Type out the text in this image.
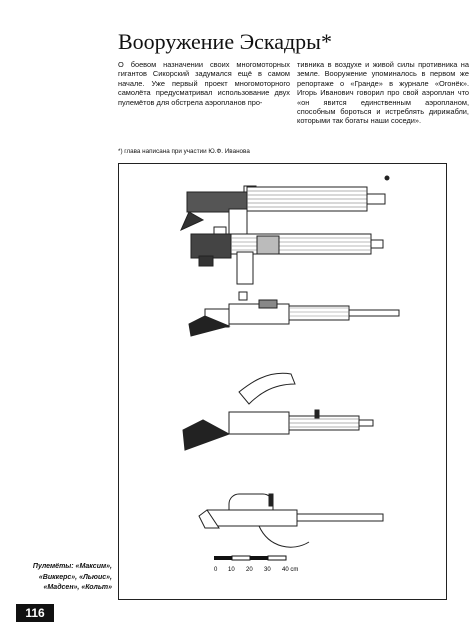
Вооружение Эскадры*
О боевом назначении своих многомоторных гигантов Сикорский задумался ещё в самом начале. Уже первый проект многомоторного самолёта предусматривал использование двух пулемётов для обстрела аэропланов про-
тивника в воздухе и живой силы противника на земле. Вооружение упоминалось в первом же репортаже о «Гранде» в журнале «Огонёк». Игорь Иванович говорил про свой аэроплан что «он явится единственным аэропланом, способным бороться и истреблять дирижабли, которыми так богаты наши соседи».
*) глава написана при участии Ю.Ф. Иванова
0 10 20 30 40 cm
Пулемёты: «Максим», «Виккерс», «Льюис», «Мадсен», «Кольт»
116
